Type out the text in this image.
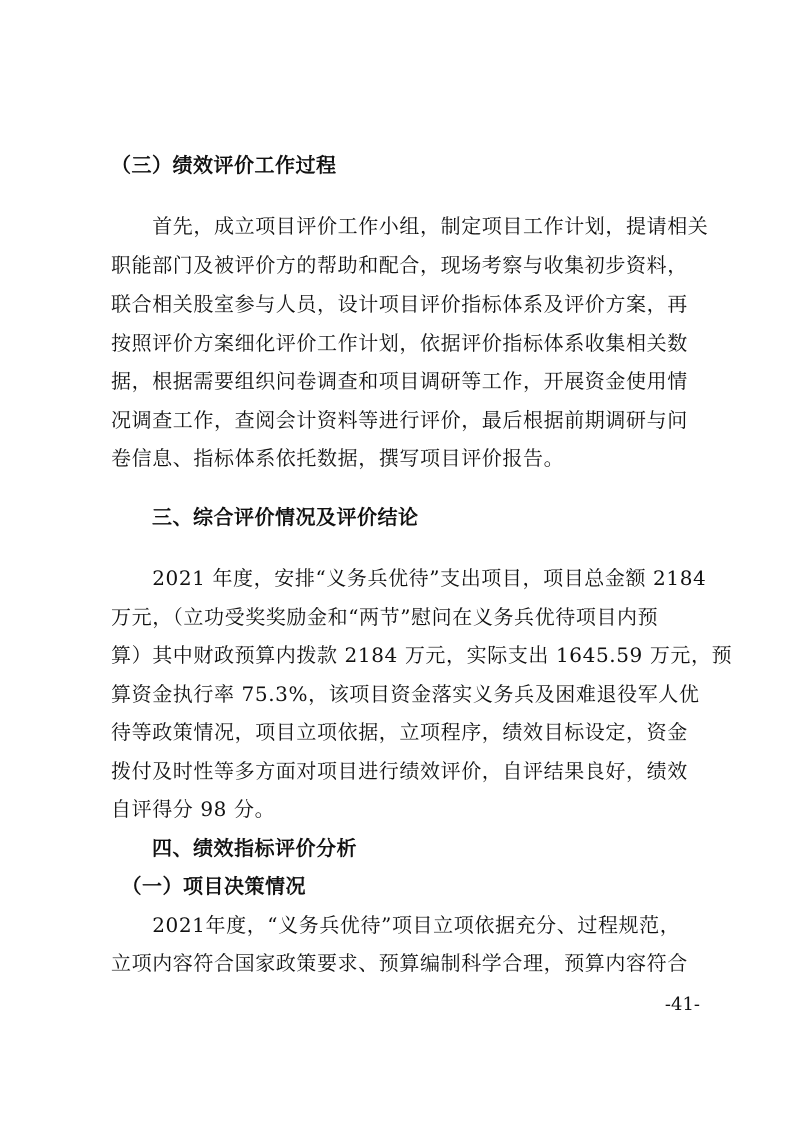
（三）绩效评价工作过程
　　首先，成立项目评价工作小组，制定项目工作计划，提请相关
职能部门及被评价方的帮助和配合，现场考察与收集初步资料，
联合相关股室参与人员，设计项目评价指标体系及评价方案，再
按照评价方案细化评价工作计划，依据评价指标体系收集相关数
据，根据需要组织问卷调查和项目调研等工作，开展资金使用情
况调查工作，查阅会计资料等进行评价，最后根据前期调研与问
卷信息、指标体系依托数据，撰写项目评价报告。
　　三、综合评价情况及评价结论
　　2021 年度，安排“义务兵优待”支出项目，项目总金额 2184
万元，（立功受奖奖励金和“两节”慰问在义务兵优待项目内预
算）其中财政预算内拨款 2184 万元，实际支出 1645.59 万元，预
算资金执行率 75.3%，该项目资金落实义务兵及困难退役军人优
待等政策情况，项目立项依据，立项程序，绩效目标设定，资金
拨付及时性等多方面对项目进行绩效评价，自评结果良好，绩效
自评得分 98 分。
　　四、绩效指标评价分析
　（一）项目决策情况
　　2021年度，“义务兵优待”项目立项依据充分、过程规范，
立项内容符合国家政策要求、预算编制科学合理，预算内容符合
-41-
